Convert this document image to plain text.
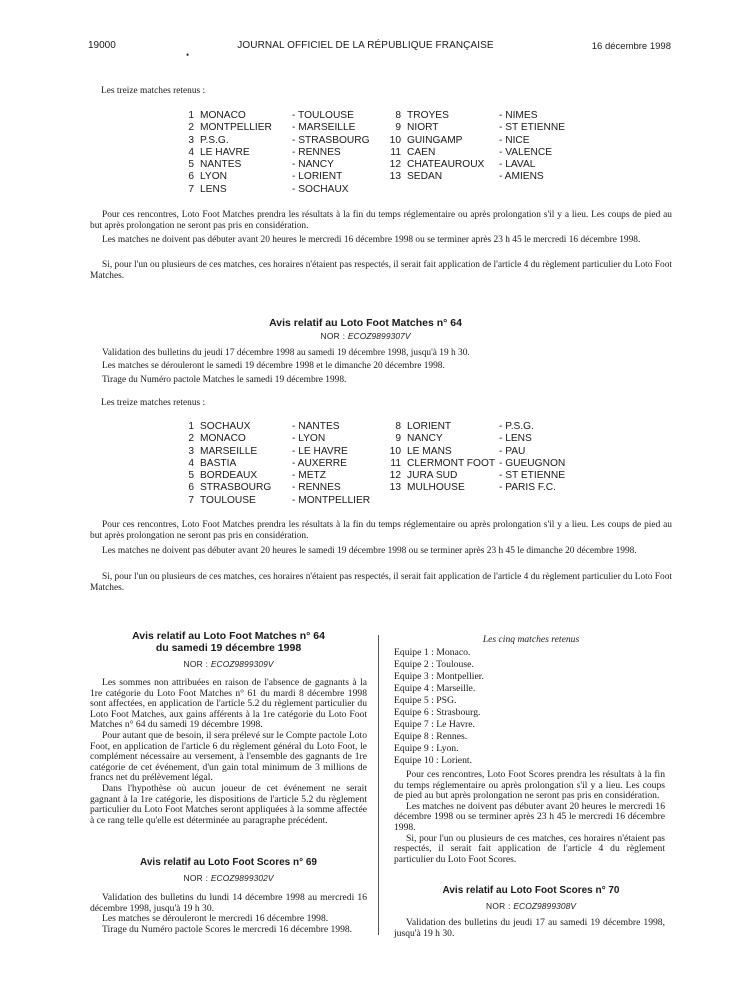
19000	JOURNAL OFFICIEL DE LA RÉPUBLIQUE FRANÇAISE	16 décembre 1998
•
Les treize matches retenus :
1 MONACO	- TOULOUSE
2 MONTPELLIER - MARSEILLE
3 P.S.G.	- STRASBOURG
4 LE HAVRE	- RENNES
5 NANTES	- NANCY
6 LYON	- LORIENT
7 LENS	- SOCHAUX
8 TROYES	- NIMES
9 NIORT	- ST ETIENNE
10 GUINGAMP	- NICE
11 CAEN	- VALENCE
12 CHATEAUROUX - LAVAL
13 SEDAN	- AMIENS
Pour ces rencontres, Loto Foot Matches prendra les résultats à la fin du temps réglementaire ou après prolongation s'il y a lieu. Les coups de pied au but après prolongation ne seront pas pris en considération.
Les matches ne doivent pas débuter avant 20 heures le mercredi 16 décembre 1998 ou se terminer après 23 h 45 le mercredi 16 décembre 1998.
Si, pour l'un ou plusieurs de ces matches, ces horaires n'étaient pas respectés, il serait fait application de l'article 4 du règlement particulier du Loto Foot Matches.
Avis relatif au Loto Foot Matches n° 64
NOR : ECOZ9899307V
Validation des bulletins du jeudi 17 décembre 1998 au samedi 19 décembre 1998, jusqu'à 19 h 30.
Les matches se dérouleront le samedi 19 décembre 1998 et le dimanche 20 décembre 1998.
Tirage du Numéro pactole Matches le samedi 19 décembre 1998.
Les treize matches retenus :
1 SOCHAUX	- NANTES
2 MONACO	- LYON
3 MARSEILLE	- LE HAVRE
4 BASTIA	- AUXERRE
5 BORDEAUX	- METZ
6 STRASBOURG - RENNES
7 TOULOUSE	- MONTPELLIER
8 LORIENT	- P.S.G.
9 NANCY	- LENS
10 LE MANS	- PAU
11 CLERMONT FOOT - GUEUGNON
12 JURA SUD	- ST ETIENNE
13 MULHOUSE	- PARIS F.C.
Pour ces rencontres, Loto Foot Matches prendra les résultats à la fin du temps réglementaire ou après prolongation s'il y a lieu. Les coups de pied au but après prolongation ne seront pas pris en considération.
Les matches ne doivent pas débuter avant 20 heures le samedi 19 décembre 1998 ou se terminer après 23 h 45 le dimanche 20 décembre 1998.
Si, pour l'un ou plusieurs de ces matches, ces horaires n'étaient pas respectés, il serait fait application de l'article 4 du règlement particulier du Loto Foot Matches.
Avis relatif au Loto Foot Matches n° 64
du samedi 19 décembre 1998
NOR : ECOZ9899309V

Les sommes non attribuées en raison de l'absence de gagnants à la 1re catégorie du Loto Foot Matches n° 61 du mardi 8 décembre 1998 sont affectées, en application de l'article 5.2 du règlement particulier du Loto Foot Matches, aux gains afférents à la 1re catégorie du Loto Foot Matches n° 64 du samedi 19 décembre 1998.

Pour autant que de besoin, il sera prélevé sur le Compte pactole Loto Foot, en application de l'article 6 du règlement général du Loto Foot, le complément nécessaire au versement, à l'ensemble des gagnants de 1re catégorie de cet événement, d'un gain total minimum de 3 millions de francs net du prélèvement légal.

Dans l'hypothèse où aucun joueur de cet événement ne serait gagnant à la 1re catégorie, les dispositions de l'article 5.2 du règlement particulier du Loto Foot Matches seront appliquées à la somme affectée à ce rang telle qu'elle est déterminée au paragraphe précédent.

Avis relatif au Loto Foot Scores n° 69
NOR : ECOZ9899302V

Validation des bulletins du lundi 14 décembre 1998 au mercredi 16 décembre 1998, jusqu'à 19 h 30.

Les matches se dérouleront le mercredi 16 décembre 1998.

Tirage du Numéro pactole Scores le mercredi 16 décembre 1998.

Les cinq matches retenus
Equipe 1 : Monaco.
Equipe 2 : Toulouse.
Equipe 3 : Montpellier.
Equipe 4 : Marseille.
Equipe 5 : PSG.
Equipe 6 : Strasbourg.
Equipe 7 : Le Havre.
Equipe 8 : Rennes.
Equipe 9 : Lyon.
Equipe 10 : Lorient.

Pour ces rencontres, Loto Foot Scores prendra les résultats à la fin du temps réglementaire ou après prolongation s'il y a lieu. Les coups de pied au but après prolongation ne seront pas pris en considération.

Les matches ne doivent pas débuter avant 20 heures le mercredi 16 décembre 1998 ou se terminer après 23 h 45 le mercredi 16 décembre 1998.

Si, pour l'un ou plusieurs de ces matches, ces horaires n'étaient pas respectés, il serait fait application de l'article 4 du règlement particulier du Loto Foot Scores.

Avis relatif au Loto Foot Scores n° 70
NOR : ECOZ9899308V

Validation des bulletins du jeudi 17 au samedi 19 décembre 1998, jusqu'à 19 h 30.
